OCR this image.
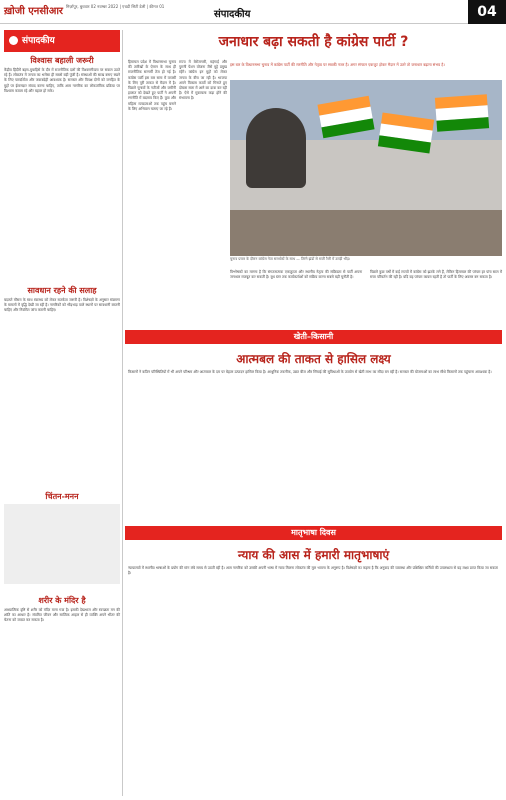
ख़ोजी एनसीआर मिर्ज़ापुर, बुधवार 02 नवम्बर 2022 | एचडी सिटी डेली | कीमत 01
संपादकीय	04
संपादकीय
विश्वास बहाली जरूरी
केंद्रीय हिंदीमें बहस-मुबाहिसे के दौर में राजनीतिक दलों की विश्वसनीयता पर सवाल उठते रहे हैं। लोकतंत्र में जनता का भरोसा ही सबसे बड़ी पूंजी है। संस्थाओं की साख बनाए रखने के लिए पारदर्शिता और जवाबदेही आवश्यक है। सरकार और विपक्ष दोनों को जनहित के मुद्दों पर ईमानदार संवाद करना चाहिए, ताकि आम नागरिक का लोकतांत्रिक प्रक्रिया पर विश्वास कायम रहे और बहाल हो सके।
सावधान रहने की सलाह
बदलते मौसम के साथ स्वास्थ्य को लेकर सतर्कता जरूरी है। विशेषज्ञों के अनुसार संक्रमण के मामलों में वृद्धि देखी जा रही है। नागरिकों को भीड़भाड़ वाले स्थानों पर सावधानी बरतनी चाहिए और नियमित जांच करानी चाहिए।
चिंतन-मनन
शरीर के मंदिर है
आध्यात्मिक दृष्टि से शरीर को मंदिर माना गया है। इसकी देखभाल और स्वच्छता मन की शांति का आधार है। संयमित जीवन और सात्विक आहार से ही व्यक्ति अपने भीतर की चेतना को जाग्रत कर सकता है।
जनाधार बढ़ा सकती है कांग्रेस पार्टी ?
इस बार के विधानसभा चुनाव में कांग्रेस पार्टी की रणनीति और नेतृत्व पर सबकी नजर है। अगर संगठन एकजुट होकर मैदान में उतरे तो जनाधार बढ़ाना संभव है।
हिमाचल प्रदेश में विधानसभा चुनाव की तारीखों के ऐलान के साथ ही राजनीतिक सरगर्मी तेज हो गई है। कांग्रेस पार्टी इस बार सत्ता में वापसी के लिए पूरी ताकत से मैदान में है। पिछले चुनावों के नतीजों और जमीनी हालात को देखते हुए पार्टी ने अपनी रणनीति में बदलाव किए हैं। युवा और महिला मतदाताओं तक पहुंच बनाने के लिए अभियान चलाए जा रहे हैं।
राज्य में बेरोजगारी, महंगाई और पुरानी पेंशन योजना जैसे मुद्दे प्रमुख रहेंगे। कांग्रेस इन मुद्दों को लेकर जनता के बीच जा रही है। भाजपा अपने विकास कार्यों को गिनाते हुए दोबारा सत्ता में आने का दावा कर रही है। ऐसे में मुकाबला कड़ा होने की संभावना है।
चुनाव प्रचार के दौरान कांग्रेस नेता समर्थकों के साथ — तिरंगे झंडों से सजी रैली में उमड़ी भीड़।
विश्लेषकों का मानना है कि संगठनात्मक एकजुटता और स्थानीय नेतृत्व की सक्रियता से पार्टी अपना जनाधार मजबूत कर सकती है। बूथ स्तर तक कार्यकर्ताओं को सक्रिय करना सबसे बड़ी चुनौती है।
पिछले कुछ वर्षों में कई राज्यों में कांग्रेस को झटके लगे हैं, लेकिन हिमाचल की परंपरा हर पांच साल में सत्ता परिवर्तन की रही है। यदि यह परंपरा कायम रहती है तो पार्टी के लिए अवसर बन सकता है।
खेती–किसानी
आत्मबल की ताकत से हासिल लक्ष्य
किसानों ने कठिन परिस्थितियों में भी अपने परिश्रम और आत्मबल के दम पर बेहतर उत्पादन हासिल किया है। आधुनिक तकनीक, उन्नत बीज और सिंचाई की सुविधाओं के उपयोग से खेती लाभ का सौदा बन रही है। सरकार की योजनाओं का लाभ सीधे किसानों तक पहुंचाना आवश्यक है।
मातृभाषा दिवस
न्याय की आस में हमारी मातृभाषाएं
न्यायालयों में स्थानीय भाषाओं के प्रयोग की मांग लंबे समय से उठती रही है। आम नागरिक को उसकी अपनी भाषा में न्याय मिलना लोकतंत्र की मूल भावना के अनुरूप है। विशेषज्ञों का कहना है कि अनुवाद की व्यवस्था और प्रशिक्षित कर्मियों की उपलब्धता से यह लक्ष्य प्राप्त किया जा सकता है।
